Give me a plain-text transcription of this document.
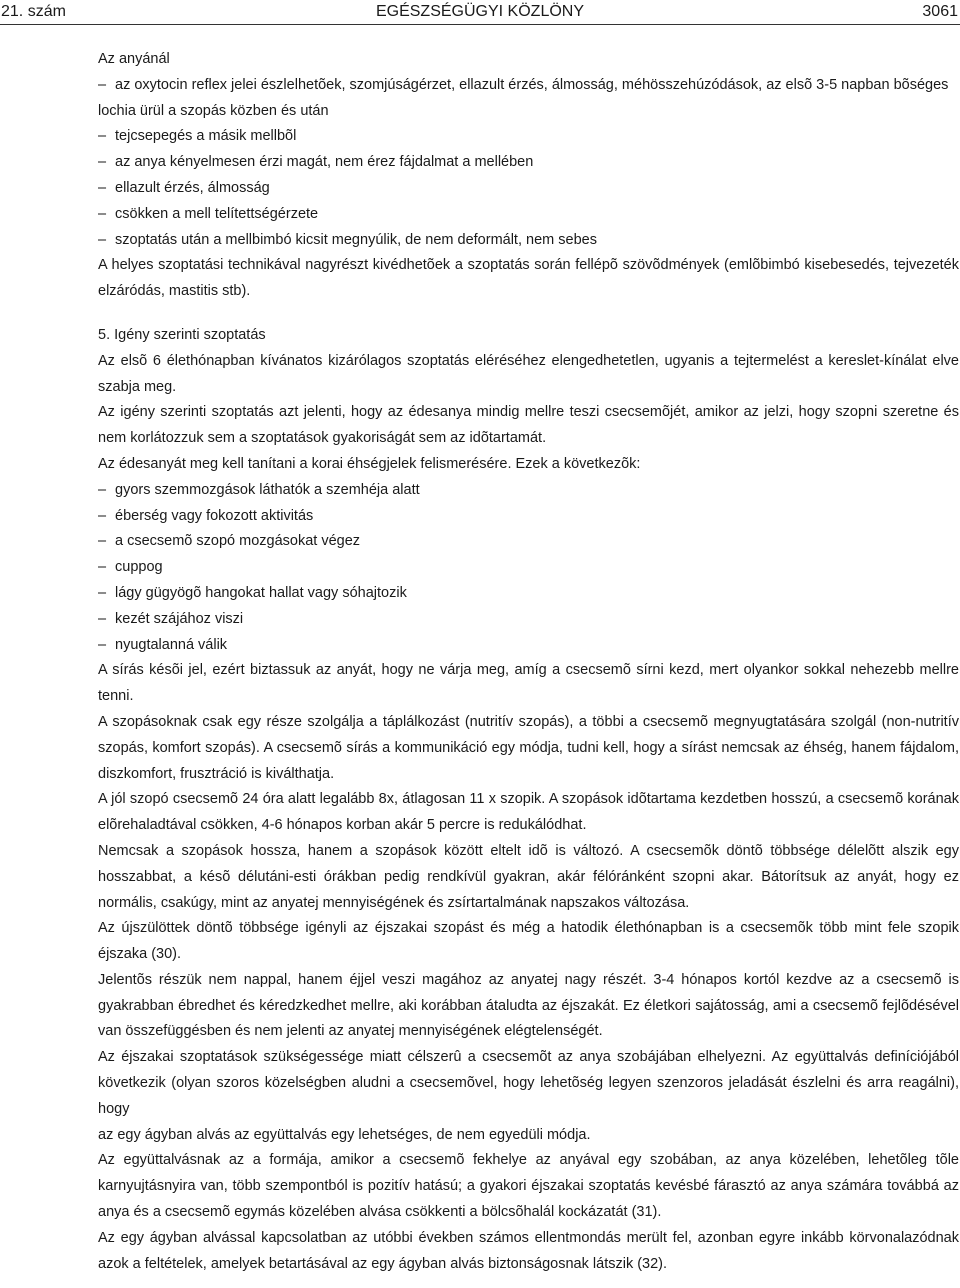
21. szám	EGÉSZSÉGÜGYI KÖZLÖNY	3061

Az anyánál

– az oxytocin reflex jelei észlelhetõek, szomjúságérzet, ellazult érzés, álmosság, méhösszehúzódások, az elsõ 3-5 napban bõséges lochia ürül a szopás közben és után
– tejcsepegés a másik mellbõl
– az anya kényelmesen érzi magát, nem érez fájdalmat a mellében
– ellazult érzés, álmosság
– csökken a mell telítettségérzete
– szoptatás után a mellbimbó kicsit megnyúlik, de nem deformált, nem sebes

A helyes szoptatási technikával nagyrészt kivédhetõek a szoptatás során fellépõ szövõdmények (emlõbimbó kisebesedés, tejvezeték elzáródás, mastitis stb).

5. Igény szerinti szoptatás

Az elsõ 6 élethónapban kívánatos kizárólagos szoptatás eléréséhez elengedhetetlen, ugyanis a tejtermelést a kereslet-kínálat elve szabja meg.

Az igény szerinti szoptatás azt jelenti, hogy az édesanya mindig mellre teszi csecsemõjét, amikor az jelzi, hogy szopni szeretne és nem korlátozzuk sem a szoptatások gyakoriságát sem az idõtartamát.

Az édesanyát meg kell tanítani a korai éhségjelek felismerésére. Ezek a következõk:

– gyors szemmozgások láthatók a szemhéja alatt
– éberség vagy fokozott aktivitás
– a csecsemõ szopó mozgásokat végez
– cuppog
– lágy gügyögõ hangokat hallat vagy sóhajtozik
– kezét szájához viszi
– nyugtalanná válik

A sírás késõi jel, ezért biztassuk az anyát, hogy ne várja meg, amíg a csecsemõ sírni kezd, mert olyankor sokkal nehezebb mellre tenni.

A szopásoknak csak egy része szolgálja a táplálkozást (nutritív szopás), a többi a csecsemõ megnyugtatására szolgál (non-nutritív szopás, komfort szopás). A csecsemõ sírás a kommunikáció egy módja, tudni kell, hogy a sírást nemcsak az éhség, hanem fájdalom, diszkomfort, frusztráció is kiválthatja.

A jól szopó csecsemõ 24 óra alatt legalább 8x, átlagosan 11 x szopik. A szopások idõtartama kezdetben hosszú, a csecsemõ korának elõrehaladtával csökken, 4-6 hónapos korban akár 5 percre is redukálódhat.

Nemcsak a szopások hossza, hanem a szopások között eltelt idõ is változó. A csecsemõk döntõ többsége délelõtt alszik egy hosszabbat, a késõ délutáni-esti órákban pedig rendkívül gyakran, akár félóránként szopni akar. Bátorítsuk az anyát, hogy ez normális, csakúgy, mint az anyatej mennyiségének és zsírtartalmának napszakos változása.

Az újszülöttek döntõ többsége igényli az éjszakai szopást és még a hatodik élethónapban is a csecsemõk több mint fele szopik éjszaka (30).

Jelentõs részük nem nappal, hanem éjjel veszi magához az anyatej nagy részét. 3-4 hónapos kortól kezdve az a csecsemõ is gyakrabban ébredhet és kéredzkedhet mellre, aki korábban átaludta az éjszakát. Ez életkori sajátosság, ami a csecsemõ fejlõdésével van összefüggésben és nem jelenti az anyatej mennyiségének elégtelenségét.

Az éjszakai szoptatások szükségessége miatt célszerû a csecsemõt az anya szobájában elhelyezni. Az együttalvás definíciójából következik (olyan szoros közelségben aludni a csecsemõvel, hogy lehetõség legyen szenzoros jeladását észlelni és arra reagálni), hogy

az egy ágyban alvás az együttalvás egy lehetséges, de nem egyedüli módja.

Az együttalvásnak az a formája, amikor a csecsemõ fekhelye az anyával egy szobában, az anya közelében, lehetõleg tõle karnyujtásnyira van, több szempontból is pozitív hatású; a gyakori éjszakai szoptatás kevésbé fárasztó az anya számára továbbá az anya és a csecsemõ egymás közelében alvása csökkenti a bölcsõhalál kockázatát (31).

Az egy ágyban alvással kapcsolatban az utóbbi években számos ellentmondás merült fel, azonban egyre inkább körvonalazódnak azok a feltételek, amelyek betartásával az egy ágyban alvás biztonságosnak látszik (32).
